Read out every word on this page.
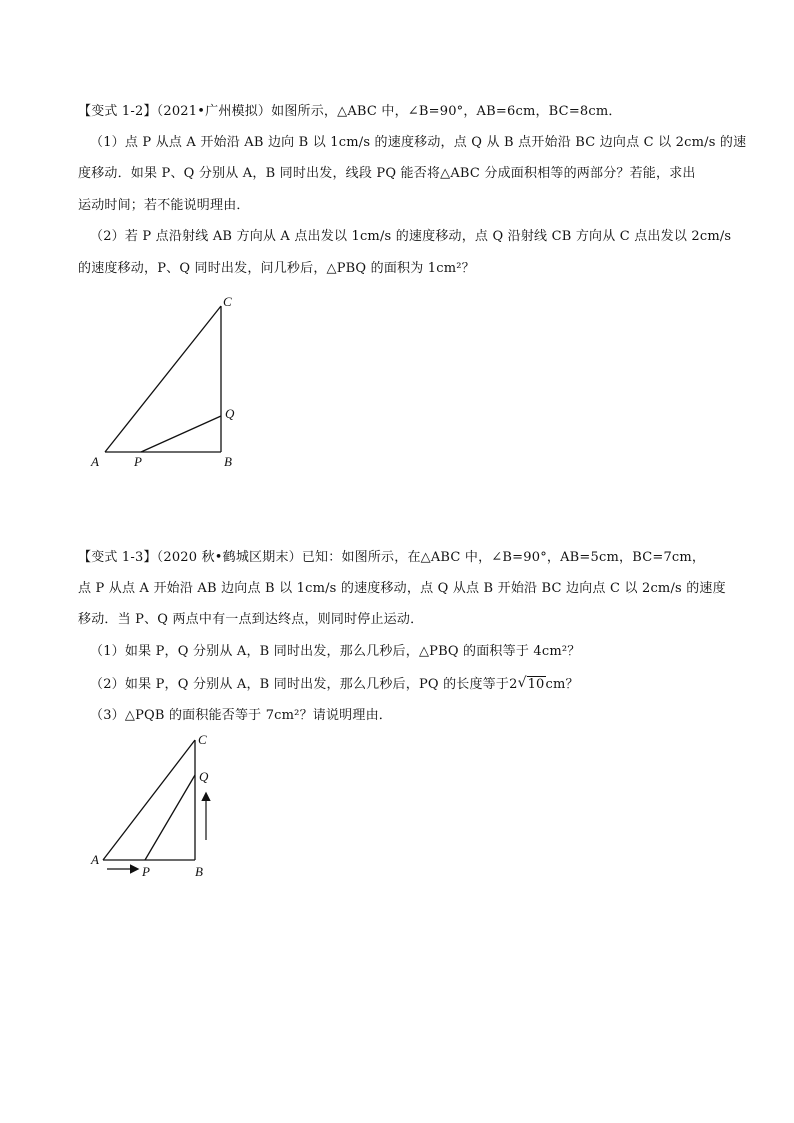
【变式 1-2】（2021•广州模拟）如图所示，△ABC 中，∠B=90°，AB=6cm，BC=8cm．
（1）点 P 从点 A 开始沿 AB 边向 B 以 1cm/s 的速度移动，点 Q 从 B 点开始沿 BC 边向点 C 以 2cm/s 的速
度移动．如果 P、Q 分别从 A，B 同时出发，线段 PQ 能否将△ABC 分成面积相等的两部分？若能，求出
运动时间；若不能说明理由．
（2）若 P 点沿射线 AB 方向从 A 点出发以 1cm/s 的速度移动，点 Q 沿射线 CB 方向从 C 点出发以 2cm/s
的速度移动，P、Q 同时出发，问几秒后，△PBQ 的面积为 1cm²？
A	P	B
C
Q
【变式 1-3】（2020 秋•鹤城区期末）已知：如图所示，在△ABC 中，∠B=90°，AB=5cm，BC=7cm，
点 P 从点 A 开始沿 AB 边向点 B 以 1cm/s 的速度移动，点 Q 从点 B 开始沿 BC 边向点 C 以 2cm/s 的速度
移动．当 P、Q 两点中有一点到达终点，则同时停止运动．
（1）如果 P，Q 分别从 A，B 同时出发，那么几秒后，△PBQ 的面积等于 4cm²？
（2）如果 P，Q 分别从 A，B 同时出发，那么几秒后，PQ 的长度等于2 √ 10cm？
（3）△PQB 的面积能否等于 7cm²？请说明理由．
A
P	B
C
Q
